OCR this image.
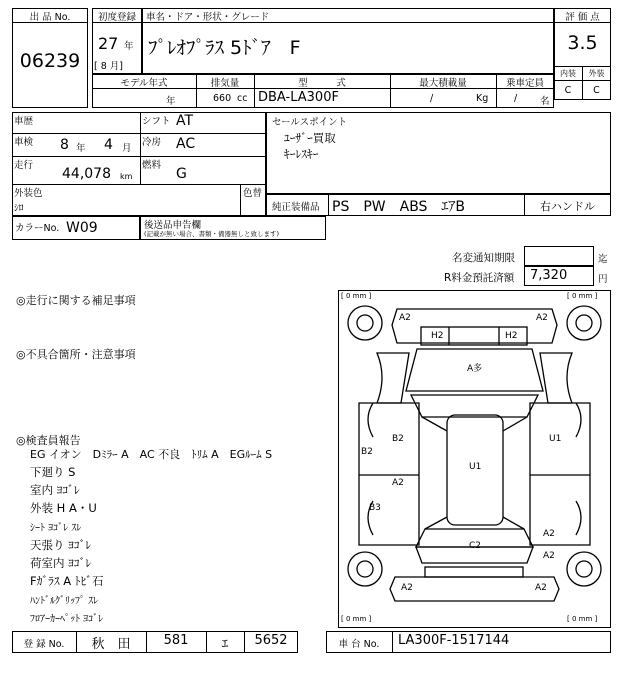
出 品 No.
06239
初度登録
27 年
[ 8 月]
車名・ドア・形状・グレード
ﾌﾟﾚｵﾌﾟﾗｽ 5ﾄﾞｱ　F
評 価 点
3.5
内装	外装
C	C
モデル年式
年
排気量
660 cc
型　　　式
DBA-LA300F
最大積載量
/	Kg
乗車定員
/ 名
車歴	シフト AT
車検 8 年 4 月
冷房 AC
走行
44,078 km
燃料
G
外装色
ｼﾛ
色替
カラーNo. W09	後送品申告欄
(記載が無い場合、書類・備器無しと致します)
セールスポイント
ﾕｰｻﾞｰ買取
ｷｰﾚｽｷｰ
純正装備品 PS　PW　ABS　ｴｱB	右ハンドル
名変通知期限	迄
R料金預託済額 7,320	円
◎走行に関する補足事項
◎不具合箇所・注意事項
◎検査員報告
EG イオン　Dﾐﾗｰ A　AC 不良　ﾄﾘﾑ A　EGﾙｰﾑ S
下廻り S
室内 ﾖｺﾞﾚ
外装 H A・U
ｼｰﾄ ﾖｺﾞﾚ ｽﾚ
天張り ﾖｺﾞﾚ
荷室内 ﾖｺﾞﾚ
Fｶﾞﾗｽ A ﾄﾋﾞ石
ﾊﾝﾄﾞﾙｸﾞﾘｯﾌﾟ ｽﾚ
ﾌﾛｱｰｶｰﾍﾟｯﾄ ﾖｺﾞﾚ
[ 0 mm ]	[ 0 mm ]
[ 0 mm ]	[ 0 mm ]
A2	A2
H2	H2
A多
B2
B2
U1
U1
A2
B3
C2
A2
A2
A2	A2
登 録 No.	秋　田	581	ｴ	5652	車 台 No.	LA300F-1517144
